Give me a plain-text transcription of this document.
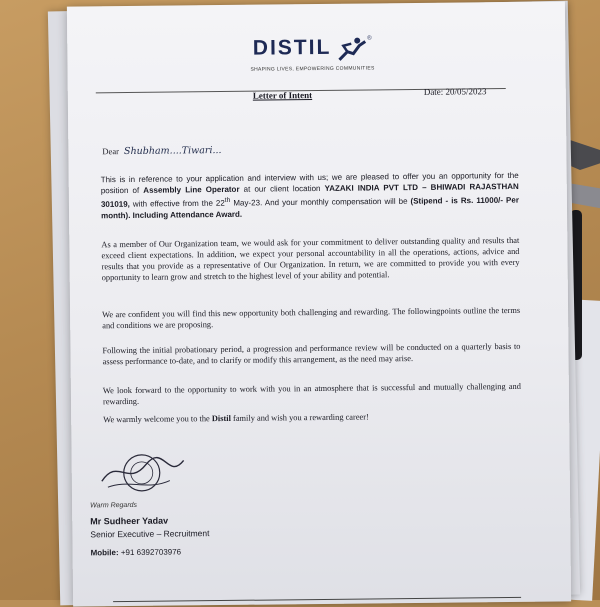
DISTIL	®
SHAPING LIVES, EMPOWERING COMMUNITIES
Letter of Intent	Date: 20/05/2023
Dear Shubham....Tiwari...
This is in reference to your application and interview with us; we are pleased to offer you an opportunity for the position of Assembly Line Operator at our client location YAZAKI INDIA PVT LTD – BHIWADI RAJASTHAN 301019, with effective from the 22th May-23. And your monthly compensation will be (Stipend - is Rs. 11000/- Per month). Including Attendance Award.
As a member of Our Organization team, we would ask for your commitment to deliver outstanding quality and results that exceed client expectations. In addition, we expect your personal accountability in all the operations, actions, advice and results that you provide as a representative of Our Organization. In return, we are committed to provide you with every opportunity to learn grow and stretch to the highest level of your ability and potential.
We are confident you will find this new opportunity both challenging and rewarding. The followingpoints outline the terms and conditions we are proposing.
Following the initial probationary period, a progression and performance review will be conducted on a quarterly basis to assess performance to-date, and to clarify or modify this arrangement, as the need may arise.
We look forward to the opportunity to work with you in an atmosphere that is successful and mutually challenging and rewarding.
We warmly welcome you to the Distil family and wish you a rewarding career!
Warm Regards
Mr Sudheer Yadav
Senior Executive – Recruitment
Mobile: +91 6392703976
